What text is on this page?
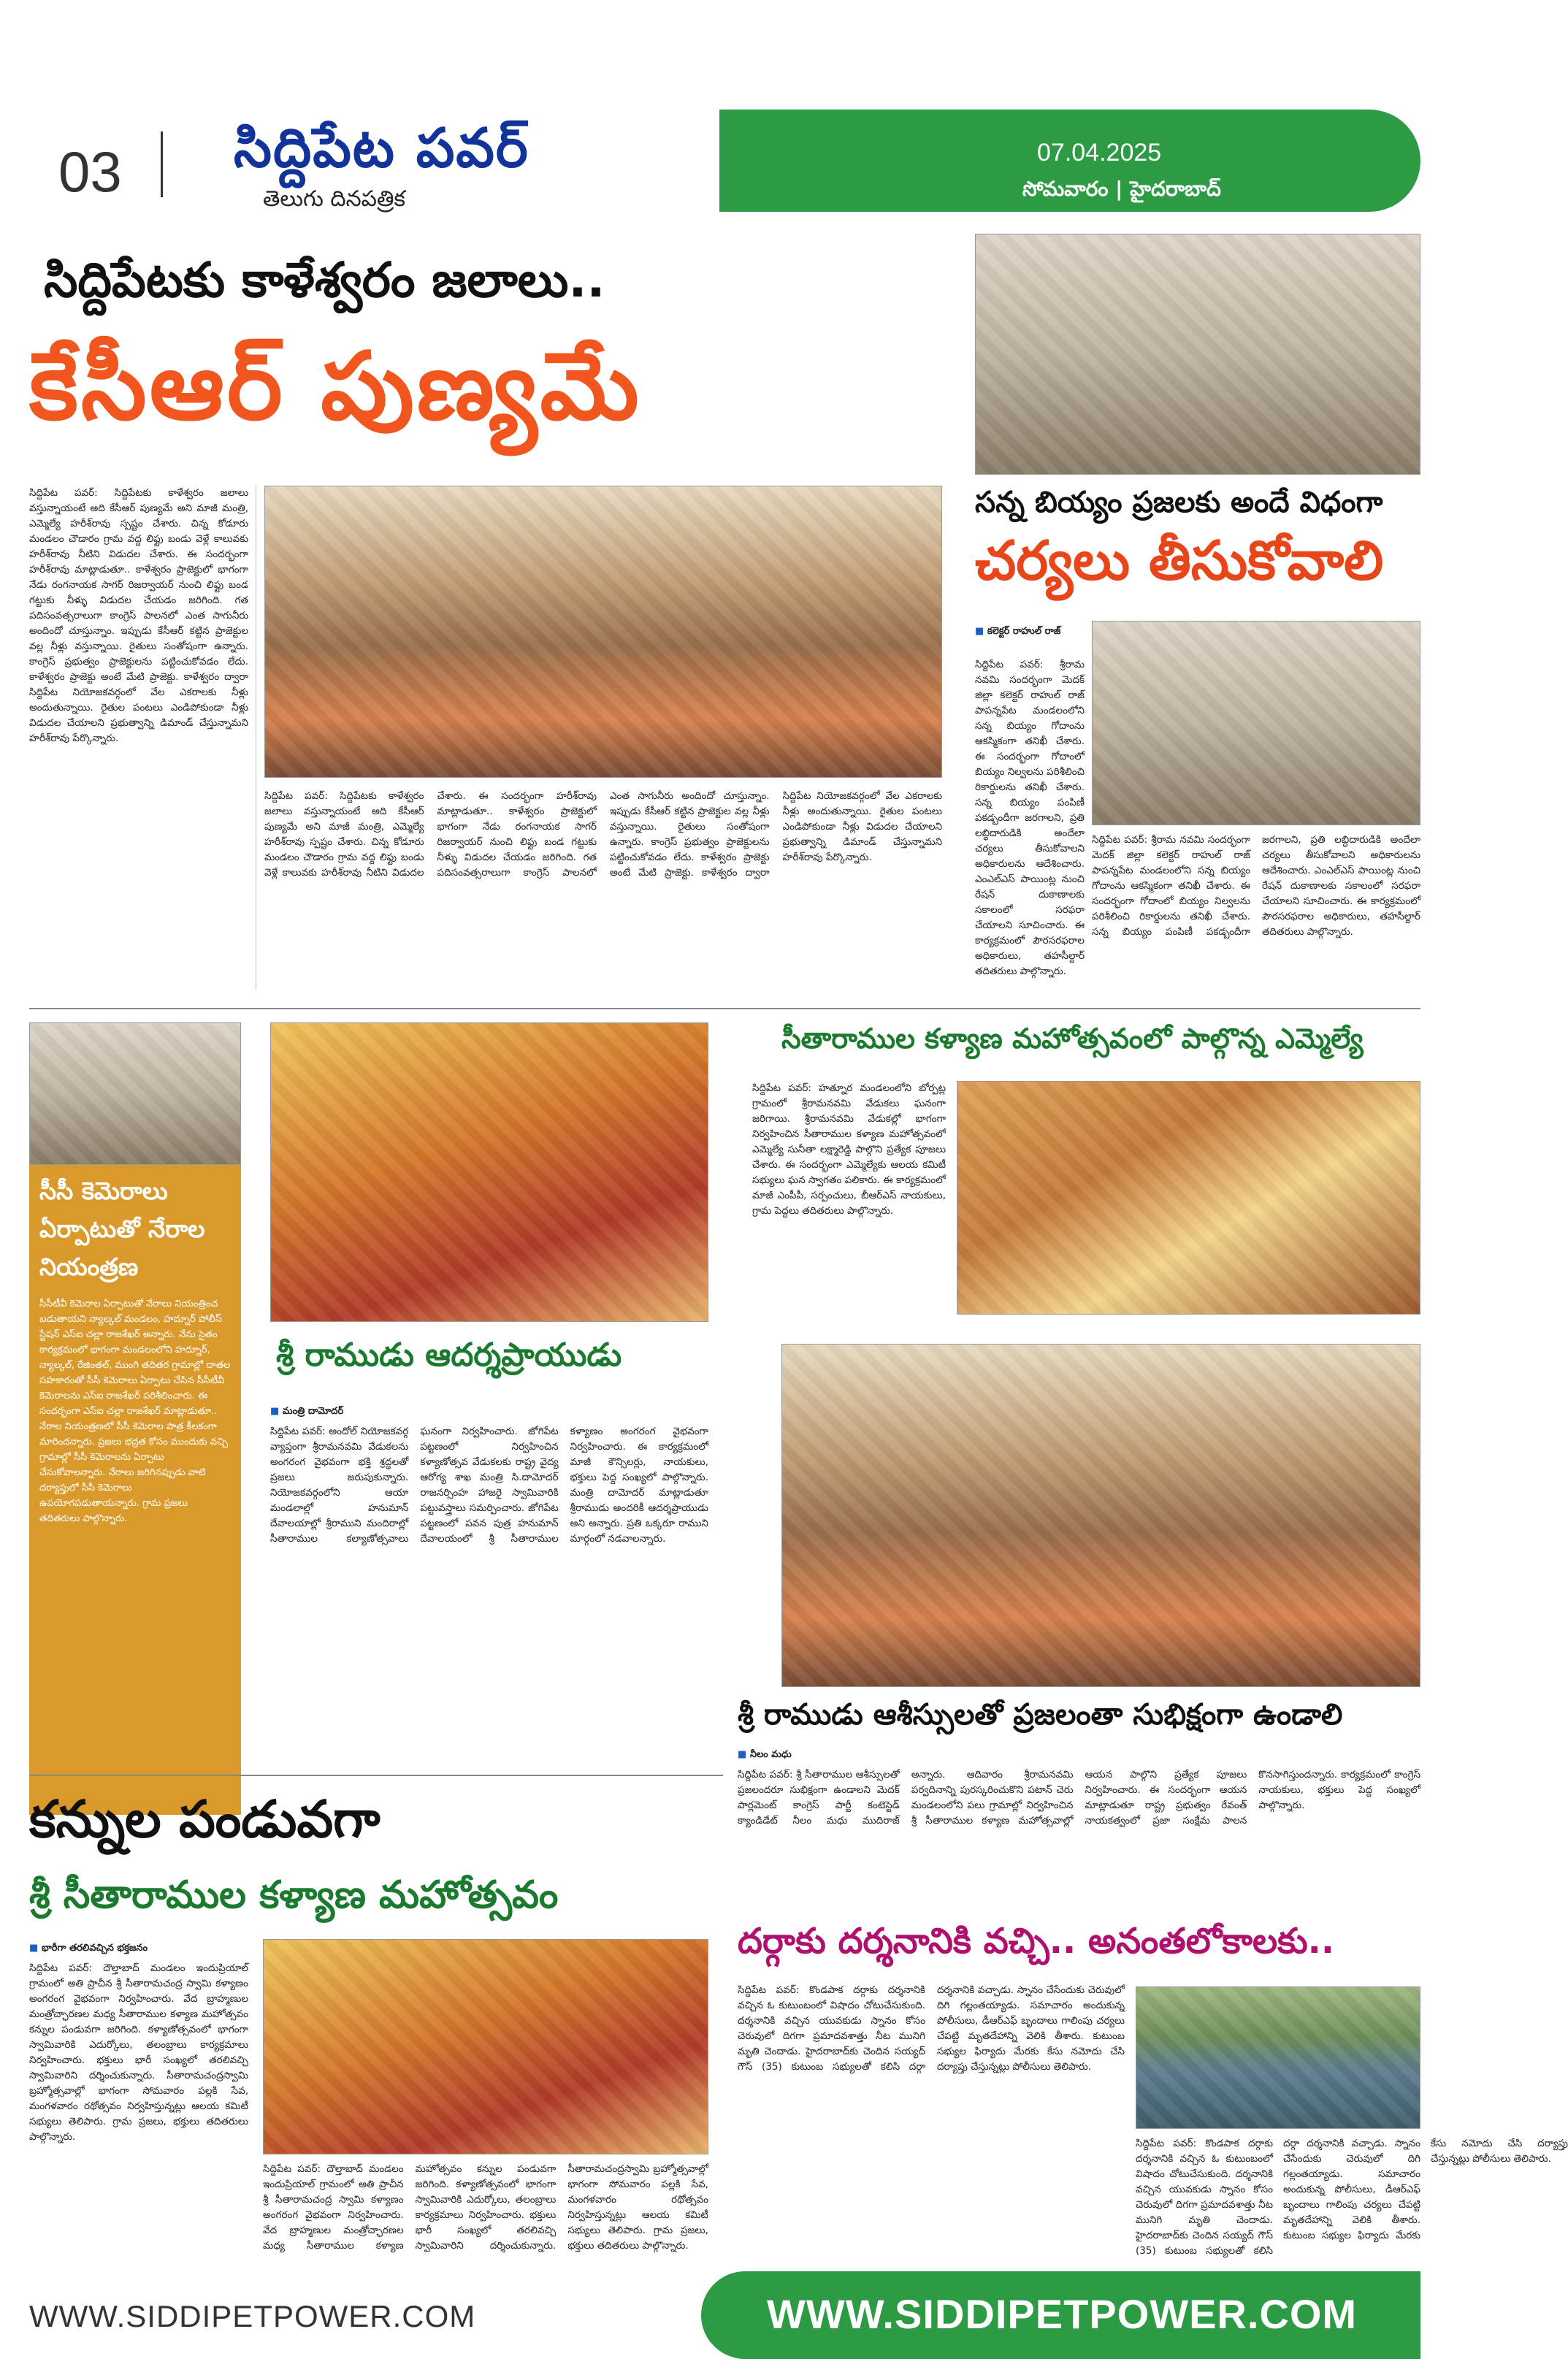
03 సిద్దిపేట పవర్
తెలుగు దినపత్రిక
07.04.2025
సోమవారం | హైదరాబాద్
సిద్దిపేటకు కాళేశ్వరం జలాలు..
కేసీఆర్ పుణ్యమే
సిద్దిపేట పవర్: సిద్దిపేటకు కాళేశ్వరం జలాలు వస్తున్నాయంటే అది కేసీఆర్ పుణ్యమే అని మాజీ మంత్రి, ఎమ్మెల్యే హరీశ్‌రావు స్పష్టం చేశారు. చిన్న కోడూరు మండలం చౌడారం గ్రామ వద్ద లిఫ్టు బండు వెళ్లే కాలువకు హరీశ్‌రావు నీటిని విడుదల చేశారు. ఈ సందర్భంగా హరీశ్‌రావు మాట్లాడుతూ.. కాళేశ్వరం ప్రాజెక్టులో భాగంగా నేడు రంగనాయక సాగర్ రిజర్వాయర్ నుంచి లిఫ్టు బండ గట్టుకు నీళ్ళు విడుదల చేయడం జరిగింది. గత పదిసంవత్సరాలుగా కాంగ్రెస్ పాలనలో ఎంత సాగునీరు అందిందో చూస్తున్నాం. ఇప్పుడు కేసీఆర్ కట్టిన ప్రాజెక్టుల వల్ల నీళ్లు వస్తున్నాయి. రైతులు సంతోషంగా ఉన్నారు. కాంగ్రెస్ ప్రభుత్వం ప్రాజెక్టులను పట్టించుకోవడం లేదు. కాళేశ్వరం ప్రాజెక్టు అంటే మేటి ప్రాజెక్టు. కాళేశ్వరం ద్వారా సిద్దిపేట నియోజకవర్గంలో వేల ఎకరాలకు నీళ్లు అందుతున్నాయి. రైతుల పంటలు ఎండిపోకుండా నీళ్లు విడుదల చేయాలని ప్రభుత్వాన్ని డిమాండ్ చేస్తున్నామని హరీశ్‌రావు పేర్కొన్నారు.
సిద్దిపేట పవర్: సిద్దిపేటకు కాళేశ్వరం జలాలు వస్తున్నాయంటే అది కేసీఆర్ పుణ్యమే అని మాజీ మంత్రి, ఎమ్మెల్యే హరీశ్‌రావు స్పష్టం చేశారు. చిన్న కోడూరు మండలం చౌడారం గ్రామ వద్ద లిఫ్టు బండు వెళ్లే కాలువకు హరీశ్‌రావు నీటిని విడుదల చేశారు. ఈ సందర్భంగా హరీశ్‌రావు మాట్లాడుతూ.. కాళేశ్వరం ప్రాజెక్టులో భాగంగా నేడు రంగనాయక సాగర్ రిజర్వాయర్ నుంచి లిఫ్టు బండ గట్టుకు నీళ్ళు విడుదల చేయడం జరిగింది. గత పదిసంవత్సరాలుగా కాంగ్రెస్ పాలనలో ఎంత సాగునీరు అందిందో చూస్తున్నాం. ఇప్పుడు కేసీఆర్ కట్టిన ప్రాజెక్టుల వల్ల నీళ్లు వస్తున్నాయి. రైతులు సంతోషంగా ఉన్నారు. కాంగ్రెస్ ప్రభుత్వం ప్రాజెక్టులను పట్టించుకోవడం లేదు. కాళేశ్వరం ప్రాజెక్టు అంటే మేటి ప్రాజెక్టు. కాళేశ్వరం ద్వారా సిద్దిపేట నియోజకవర్గంలో వేల ఎకరాలకు నీళ్లు అందుతున్నాయి. రైతుల పంటలు ఎండిపోకుండా నీళ్లు విడుదల చేయాలని ప్రభుత్వాన్ని డిమాండ్ చేస్తున్నామని హరీశ్‌రావు పేర్కొన్నారు.
సన్న బియ్యం ప్రజలకు అందే విధంగా
చర్యలు తీసుకోవాలి
■ కలెక్టర్ రాహుల్ రాజ్
సిద్దిపేట పవర్: శ్రీరామ నవమి సందర్భంగా మెదక్ జిల్లా కలెక్టర్ రాహుల్ రాజ్ పాపన్నపేట మండలంలోని సన్న బియ్యం గోదాంను ఆకస్మికంగా తనిఖీ చేశారు. ఈ సందర్భంగా గోదాంలో బియ్యం నిల్వలను పరిశీలించి రికార్డులను తనిఖీ చేశారు. సన్న బియ్యం పంపిణీ పకడ్బందీగా జరగాలని, ప్రతి లబ్ధిదారుడికి అందేలా చర్యలు తీసుకోవాలని అధికారులను ఆదేశించారు. ఎంఎల్ఎస్ పాయింట్ల నుంచి రేషన్ దుకాణాలకు సకాలంలో సరఫరా చేయాలని సూచించారు. ఈ కార్యక్రమంలో పౌరసరఫరాల అధికారులు, తహసీల్దార్ తదితరులు పాల్గొన్నారు.
సిద్దిపేట పవర్: శ్రీరామ నవమి సందర్భంగా మెదక్ జిల్లా కలెక్టర్ రాహుల్ రాజ్ పాపన్నపేట మండలంలోని సన్న బియ్యం గోదాంను ఆకస్మికంగా తనిఖీ చేశారు. ఈ సందర్భంగా గోదాంలో బియ్యం నిల్వలను పరిశీలించి రికార్డులను తనిఖీ చేశారు. సన్న బియ్యం పంపిణీ పకడ్బందీగా జరగాలని, ప్రతి లబ్ధిదారుడికి అందేలా చర్యలు తీసుకోవాలని అధికారులను ఆదేశించారు. ఎంఎల్ఎస్ పాయింట్ల నుంచి రేషన్ దుకాణాలకు సకాలంలో సరఫరా చేయాలని సూచించారు. ఈ కార్యక్రమంలో పౌరసరఫరాల అధికారులు, తహసీల్దార్ తదితరులు పాల్గొన్నారు.
సీసీ కెమెరాలు ఏర్పాటుతో నేరాల నియంత్రణ
సీసీటీవీ కెమెరాల ఏర్పాటుతో నేరాలు నియంత్రించ బడుతాయని న్యాల్కల్ మండలం, హద్నూర్ పోలీస్ స్టేషన్ ఎస్ఐ చల్లా రాజశేఖర్ అన్నారు. నేను సైతం కార్యక్రమంలో భాగంగా మండలంలోని హద్నూర్, న్యాల్కల్, రేజింతల్, ముంగి తదితర గ్రామాల్లో దాతల సహకారంతో సీసీ కెమెరాలు ఏర్పాటు చేసిన సీసీటీవీ కెమెరాలను ఎస్ఐ రాజశేఖర్ పరిశీలించారు. ఈ సందర్భంగా ఎస్ఐ చల్లా రాజశేఖర్ మాట్లాడుతూ.. నేరాల నియంత్రణలో సీసీ కెమెరాల పాత్ర కీలకంగా మారిందన్నారు. ప్రజలు భద్రత కోసం ముందుకు వచ్చి గ్రామాల్లో సీసీ కెమెరాలను ఏర్పాటు చేసుకోవాలన్నారు. నేరాలు జరిగినప్పుడు వాటి దర్యాప్తులో సీసీ కెమెరాలు ఉపయోగపడుతాయన్నారు. గ్రామ ప్రజలు తదితరులు పాల్గొన్నారు.
శ్రీ రాముడు ఆదర్శప్రాయుడు
■ మంత్రి దామోదర్
సిద్దిపేట పవర్: అందోల్ నియోజకవర్గ వ్యాప్తంగా శ్రీరామనవమి వేడుకలను అంగరంగ వైభవంగా భక్తి శ్రద్ధలతో ప్రజలు జరుపుకున్నారు. నియోజకవర్గంలోని ఆయా మండలాల్లో హనుమాన్ దేవాలయాల్లో శ్రీరాముని మందిరాల్లో సీతారాముల కల్యాణోత్సవాలు ఘనంగా నిర్వహించారు. జోగిపేట పట్టణంలో నిర్వహించిన కళ్యాణోత్సవ వేడుకలకు రాష్ట్ర వైద్య ఆరోగ్య శాఖ మంత్రి సి.దామోదర్ రాజనర్సింహ హాజరై స్వామివారికి పట్టువస్త్రాలు సమర్పించారు. జోగిపేట పట్టణంలో పవన పుత్ర హనుమాన్ దేవాలయంలో శ్రీ సీతారాముల కళ్యాణం అంగరంగ వైభవంగా నిర్వహించారు. ఈ కార్యక్రమంలో మాజీ కౌన్సిలర్లు, నాయకులు, భక్తులు పెద్ద సంఖ్యలో పాల్గొన్నారు. మంత్రి దామోదర్ మాట్లాడుతూ శ్రీరాముడు అందరికీ ఆదర్శప్రాయుడు అని అన్నారు. ప్రతి ఒక్కరూ రాముని మార్గంలో నడవాలన్నారు.
సీతారాముల కళ్యాణ మహోత్సవంలో పాల్గొన్న ఎమ్మెల్యే
సిద్దిపేట పవర్: హత్నూర మండలంలోని బోర్పట్ల గ్రామంలో శ్రీరామనవమి వేడుకలు ఘనంగా జరిగాయి. శ్రీరామనవమి వేడుకల్లో భాగంగా నిర్వహించిన సీతారాముల కళ్యాణ మహోత్సవంలో ఎమ్మెల్యే సునీతా లక్ష్మారెడ్డి పాల్గొని ప్రత్యేక పూజలు చేశారు. ఈ సందర్భంగా ఎమ్మెల్యేకు ఆలయ కమిటీ సభ్యులు ఘన స్వాగతం పలికారు. ఈ కార్యక్రమంలో మాజీ ఎంపీపీ, సర్పంచులు, బీఆర్ఎస్ నాయకులు, గ్రామ పెద్దలు తదితరులు పాల్గొన్నారు.
శ్రీ రాముడు ఆశీస్సులతో ప్రజలంతా సుభిక్షంగా ఉండాలి
■ నీలం మధు
సిద్దిపేట పవర్: శ్రీ సీతారాముల ఆశీస్సులతో ప్రజలందరూ సుభిక్షంగా ఉండాలని మెదక్ పార్లమెంట్ కాంగ్రెస్ పార్టీ కంటెస్టెడ్ క్యాండిడేట్ నీలం మధు ముదిరాజ్ అన్నారు. ఆదివారం శ్రీరామనవమి పర్వదినాన్ని పురస్కరించుకొని పటాన్ చెరు మండలంలోని పలు గ్రామాల్లో నిర్వహించిన శ్రీ సీతారాముల కళ్యాణ మహోత్సవాల్లో ఆయన పాల్గొని ప్రత్యేక పూజలు నిర్వహించారు. ఈ సందర్భంగా ఆయన మాట్లాడుతూ రాష్ట్ర ప్రభుత్వం రేవంత్ నాయకత్వంలో ప్రజా సంక్షేమ పాలన కొనసాగిస్తుందన్నారు. కార్యక్రమంలో కాంగ్రెస్ నాయకులు, భక్తులు పెద్ద సంఖ్యలో పాల్గొన్నారు.
కన్నుల పండువగా
శ్రీ సీతారాముల కళ్యాణ మహోత్సవం
■ భారీగా తరలివచ్చిన భక్తజనం
సిద్దిపేట పవర్: దౌల్తాబాద్ మండలం ఇందుప్రియాల్ గ్రామంలో అతి ప్రాచీన శ్రీ సీతారామచంద్ర స్వామి కళ్యాణం అంగరంగ వైభవంగా నిర్వహించారు. వేద బ్రాహ్మణుల మంత్రోచ్ఛారణల మధ్య సీతారాముల కళ్యాణ మహోత్సవం కన్నుల పండువగా జరిగింది. కళ్యాణోత్సవంలో భాగంగా స్వామివారికి ఎదుర్కోలు, తలంబ్రాలు కార్యక్రమాలు నిర్వహించారు. భక్తులు భారీ సంఖ్యలో తరలివచ్చి స్వామివారిని దర్శించుకున్నారు. సీతారామచంద్రస్వామి బ్రహ్మోత్సవాల్లో భాగంగా సోమవారం పల్లకి సేవ, మంగళవారం రథోత్సవం నిర్వహిస్తున్నట్లు ఆలయ కమిటీ సభ్యులు తెలిపారు. గ్రామ ప్రజలు, భక్తులు తదితరులు పాల్గొన్నారు.
సిద్దిపేట పవర్: దౌల్తాబాద్ మండలం ఇందుప్రియాల్ గ్రామంలో అతి ప్రాచీన శ్రీ సీతారామచంద్ర స్వామి కళ్యాణం అంగరంగ వైభవంగా నిర్వహించారు. వేద బ్రాహ్మణుల మంత్రోచ్ఛారణల మధ్య సీతారాముల కళ్యాణ మహోత్సవం కన్నుల పండువగా జరిగింది. కళ్యాణోత్సవంలో భాగంగా స్వామివారికి ఎదుర్కోలు, తలంబ్రాలు కార్యక్రమాలు నిర్వహించారు. భక్తులు భారీ సంఖ్యలో తరలివచ్చి స్వామివారిని దర్శించుకున్నారు. సీతారామచంద్రస్వామి బ్రహ్మోత్సవాల్లో భాగంగా సోమవారం పల్లకి సేవ, మంగళవారం రథోత్సవం నిర్వహిస్తున్నట్లు ఆలయ కమిటీ సభ్యులు తెలిపారు. గ్రామ ప్రజలు, భక్తులు తదితరులు పాల్గొన్నారు.
దర్గాకు దర్శనానికి వచ్చి.. అనంతలోకాలకు..
సిద్దిపేట పవర్: కొండపాక దర్గాకు దర్శనానికి వచ్చిన ఓ కుటుంబంలో విషాదం చోటుచేసుకుంది. దర్శనానికి వచ్చిన యువకుడు స్నానం కోసం చెరువులో దిగగా ప్రమాదవశాత్తు నీట మునిగి మృతి చెందాడు. హైదరాబాద్‌కు చెందిన సయ్యద్ గౌస్ (35) కుటుంబ సభ్యులతో కలిసి దర్గా దర్శనానికి వచ్చాడు. స్నానం చేసేందుకు చెరువులో దిగి గల్లంతయ్యాడు. సమాచారం అందుకున్న పోలీసులు, డీఆర్ఎఫ్ బృందాలు గాలింపు చర్యలు చేపట్టి మృతదేహాన్ని వెలికి తీశారు. కుటుంబ సభ్యుల ఫిర్యాదు మేరకు కేసు నమోదు చేసి దర్యాప్తు చేస్తున్నట్లు పోలీసులు తెలిపారు.
సిద్దిపేట పవర్: కొండపాక దర్గాకు దర్శనానికి వచ్చిన ఓ కుటుంబంలో విషాదం చోటుచేసుకుంది. దర్శనానికి వచ్చిన యువకుడు స్నానం కోసం చెరువులో దిగగా ప్రమాదవశాత్తు నీట మునిగి మృతి చెందాడు. హైదరాబాద్‌కు చెందిన సయ్యద్ గౌస్ (35) కుటుంబ సభ్యులతో కలిసి దర్గా దర్శనానికి వచ్చాడు. స్నానం చేసేందుకు చెరువులో దిగి గల్లంతయ్యాడు. సమాచారం అందుకున్న పోలీసులు, డీఆర్ఎఫ్ బృందాలు గాలింపు చర్యలు చేపట్టి మృతదేహాన్ని వెలికి తీశారు. కుటుంబ సభ్యుల ఫిర్యాదు మేరకు కేసు నమోదు చేసి దర్యాప్తు చేస్తున్నట్లు పోలీసులు తెలిపారు.
WWW.SIDDIPETPOWER.COM	WWW.SIDDIPETPOWER.COM
